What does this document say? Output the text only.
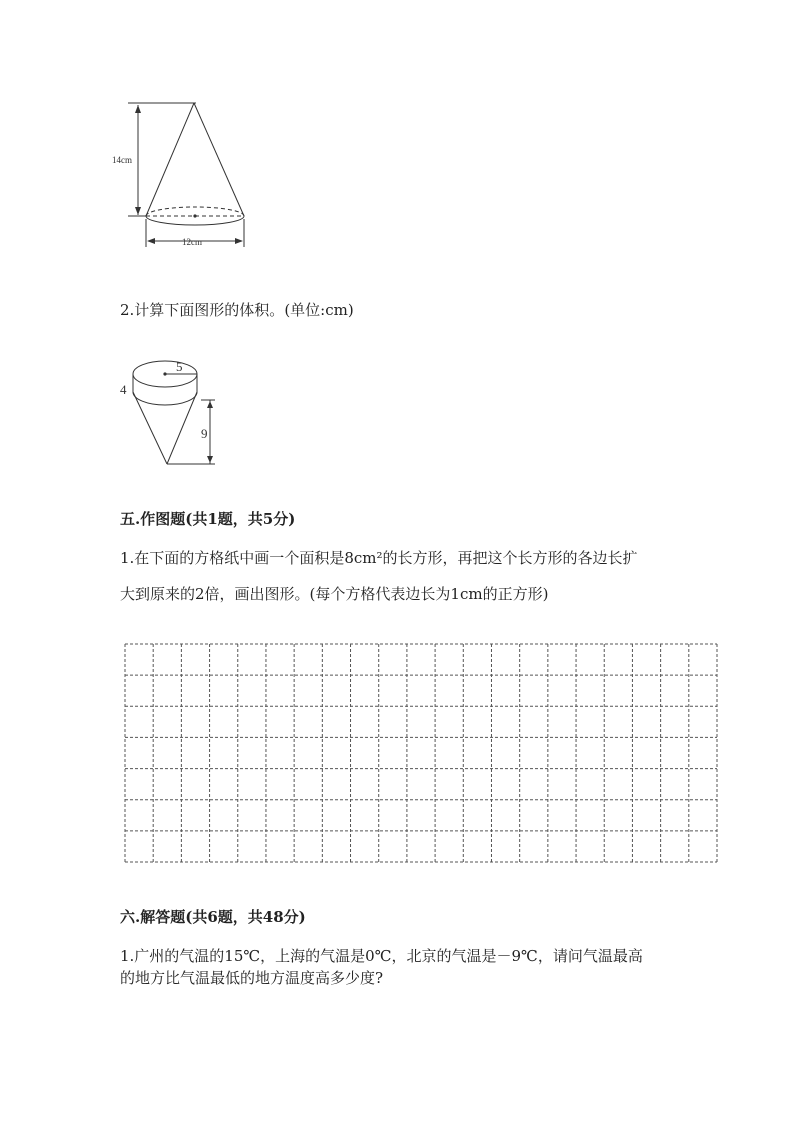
14cm
12cm
2.计算下面图形的体积。(单位:cm)
5
4
9
五.作图题(共1题，共5分)
1.在下面的方格纸中画一个面积是8cm²的长方形，再把这个长方形的各边长扩
大到原来的2倍，画出图形。(每个方格代表边长为1cm的正方形)
六.解答题(共6题，共48分)
1.广州的气温的15℃，上海的气温是0℃，北京的气温是－9℃，请问气温最高
的地方比气温最低的地方温度高多少度?
